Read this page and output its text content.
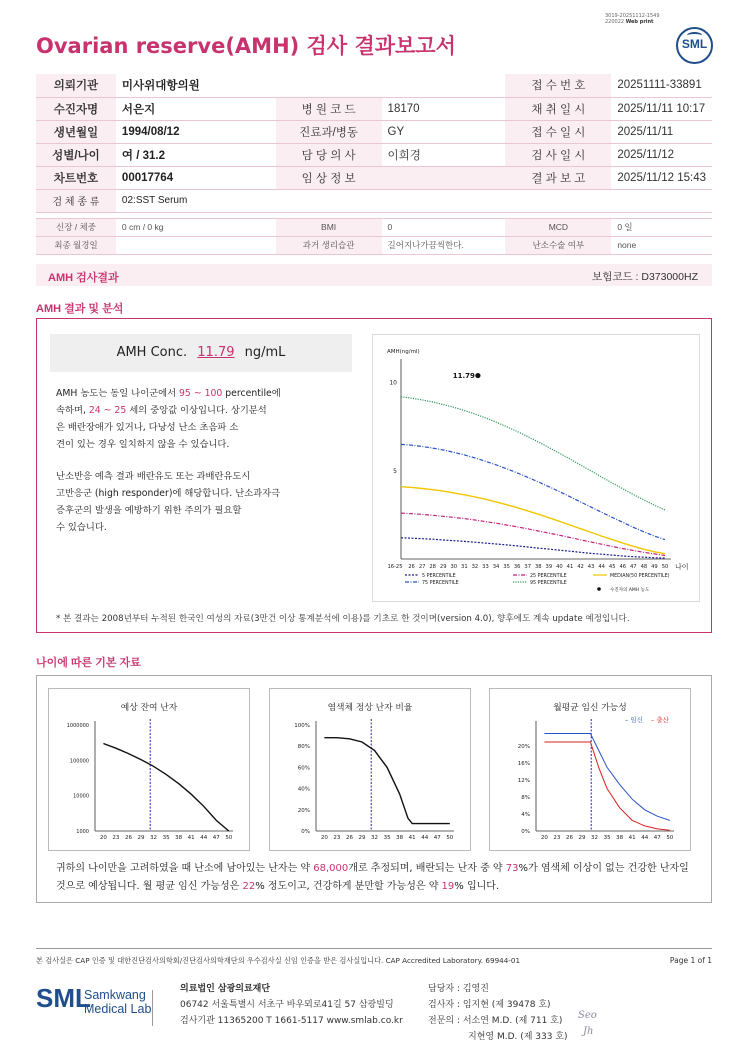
Ovarian reserve(AMH) 검사 결과보고서
3019-20251112-1549
220022 Web print
SML
의뢰기관	미사위대항의원			접 수 번 호	20251111-33891
수진자명	서은지	병 원 코 드	18170	채 취 일 시	2025/11/11 10:17
생년월일	1994/08/12	진료과/병동	GY	접 수 일 시	2025/11/11
성별/나이	여 / 31.2	담 당 의 사	이희경	검 사 일 시	2025/11/12
차트번호	00017764	임 상 정 보		결 과 보 고	2025/11/12 15:43
검 체 종 류	02:SST Serum				

신장 / 체중	0 cm / 0 kg	BMI	0	MCD	0 일
최종 월경일		과거 생리습관	길어지나가끔씩한다.	난소수술 여부	none
AMH 검사결과	보험코드 : D373000HZ
AMH 결과 및 분석
AMH Conc. 11.79 ng/mL
AMH 농도는 동일 나이군에서 95 ~ 100 percentile에
속하며, 24 ~ 25 세의 중앙값 이상입니다. 상기분석
은 배란장애가 있거나, 다낭성 난소 초음파 소
견이 있는 경우 일치하지 않을 수 있습니다.
난소반응 예측 결과 배란유도 또는 과배란유도시
고반응군 (high responder)에 해당합니다. 난소과자극
증후군의 발생을 예방하기 위한 주의가 필요할
수 있습니다.
AMH(ng/ml)
10
5
16-25 26 27 28 29 30 31 32 33 34 35 36 37 38 39 40 41 42 43 44 45 46 47 48 49 50 나이
11.79
5 PERCENTILE	25 PERCENTILE	MEDIAN(50 PERCENTILE)
75 PERCENTILE	95 PERCENTILE
수진자의 AMH 농도
* 본 결과는 2008년부터 누적된 한국인 여성의 자료(3만건 이상 통계분석에 이용)를 기초로 한 것이며(version 4.0), 향후에도 계속 update 예정입니다.
나이에 따른 기본 자료
예상 잔여 난자
20 23 26 29 32 35 38 41 44 47 50
1000000
100000
10000
1000
염색체 정상 난자 비율
20 23 26 29 32 35 38 41 44 47 50
100%
80%
60%
40%
20%
0%
월평균 임신 가능성
20 23 26 29 32 35 38 41 44 47 50
20%
16%
12%
8%
4%
0%
– 임신 – 출산
귀하의 나이만을 고려하였을 때 난소에 남아있는 난자는 약 68,000개로 추정되며, 배란되는 난자 중 약 73%가 염색체 이상이 없는 건강한 난자일
것으로 예상됩니다. 월 평균 임신 가능성은 22% 정도이고, 건강하게 분만할 가능성은 약 19% 입니다.
본 검사실은 CAP 인증 및 대한진단검사의학회/진단검사의학재단의 우수검사실 신임 인증을 받은 검사실입니다. CAP Accredited Laboratory. 69944-01	Page 1 of 1
SML
Samkwang
Medical Lab
의료법인 삼광의료재단
06742 서울특별시 서초구 바우뫼로41길 57 삼광빌딩
검사기관 11365200 T 1661-5117 www.smlab.co.kr
담당자 : 김영진
검사자 : 임지현 (제 39478 호)
전문의 : 서소연 M.D. (제 711 호)
지현영 M.D. (제 333 호)
Seo
Jh
